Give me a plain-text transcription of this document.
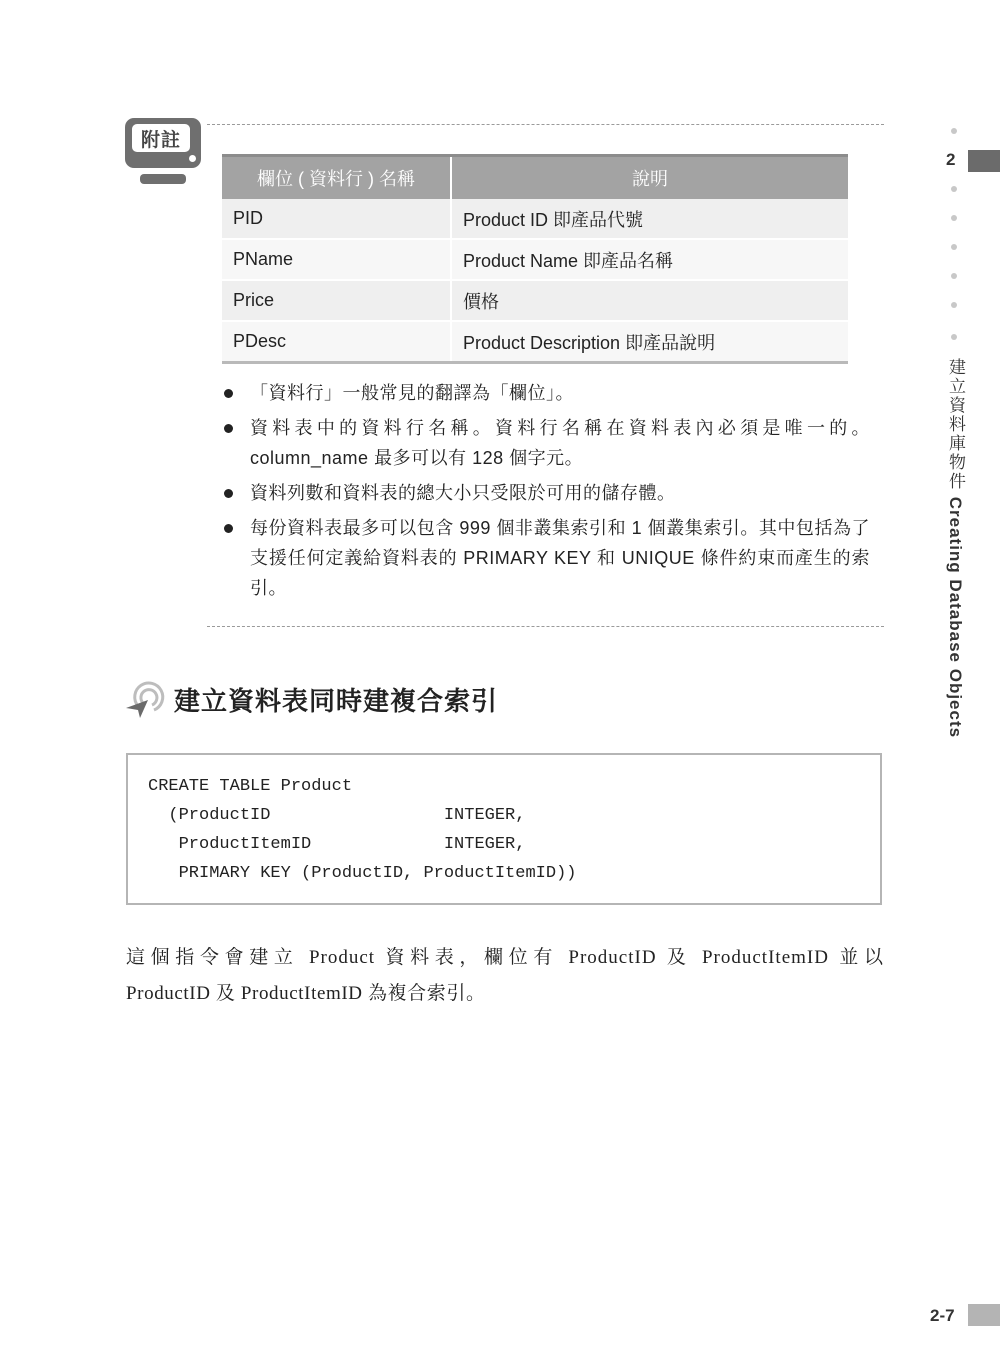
附註
欄位 ( 資料行 ) 名稱	說明
PID	Product ID 即產品代號
PName	Product Name 即產品名稱
Price	價格
PDesc	Product Description 即產品說明
「資料行」一般常見的翻譯為「欄位」。
資料表中的資料行名稱。資料行名稱在資料表內必須是唯一的。column_name 最多可以有 128 個字元。
資料列數和資料表的總大小只受限於可用的儲存體。
每份資料表最多可以包含 999 個非叢集索引和 1 個叢集索引。其中包括為了支援任何定義給資料表的 PRIMARY KEY 和 UNIQUE 條件約束而產生的索引。
建立資料表同時建複合索引
CREATE TABLE Product
(ProductID                 INTEGER,
ProductItemID             INTEGER,
PRIMARY KEY (ProductID, ProductItemID))
這個指令會建立 Product 資料表，欄位有 ProductID 及 ProductItemID 並以
ProductID 及 ProductItemID 為複合索引。
2
建立資料庫物件 Creating Database Objects
2-7
